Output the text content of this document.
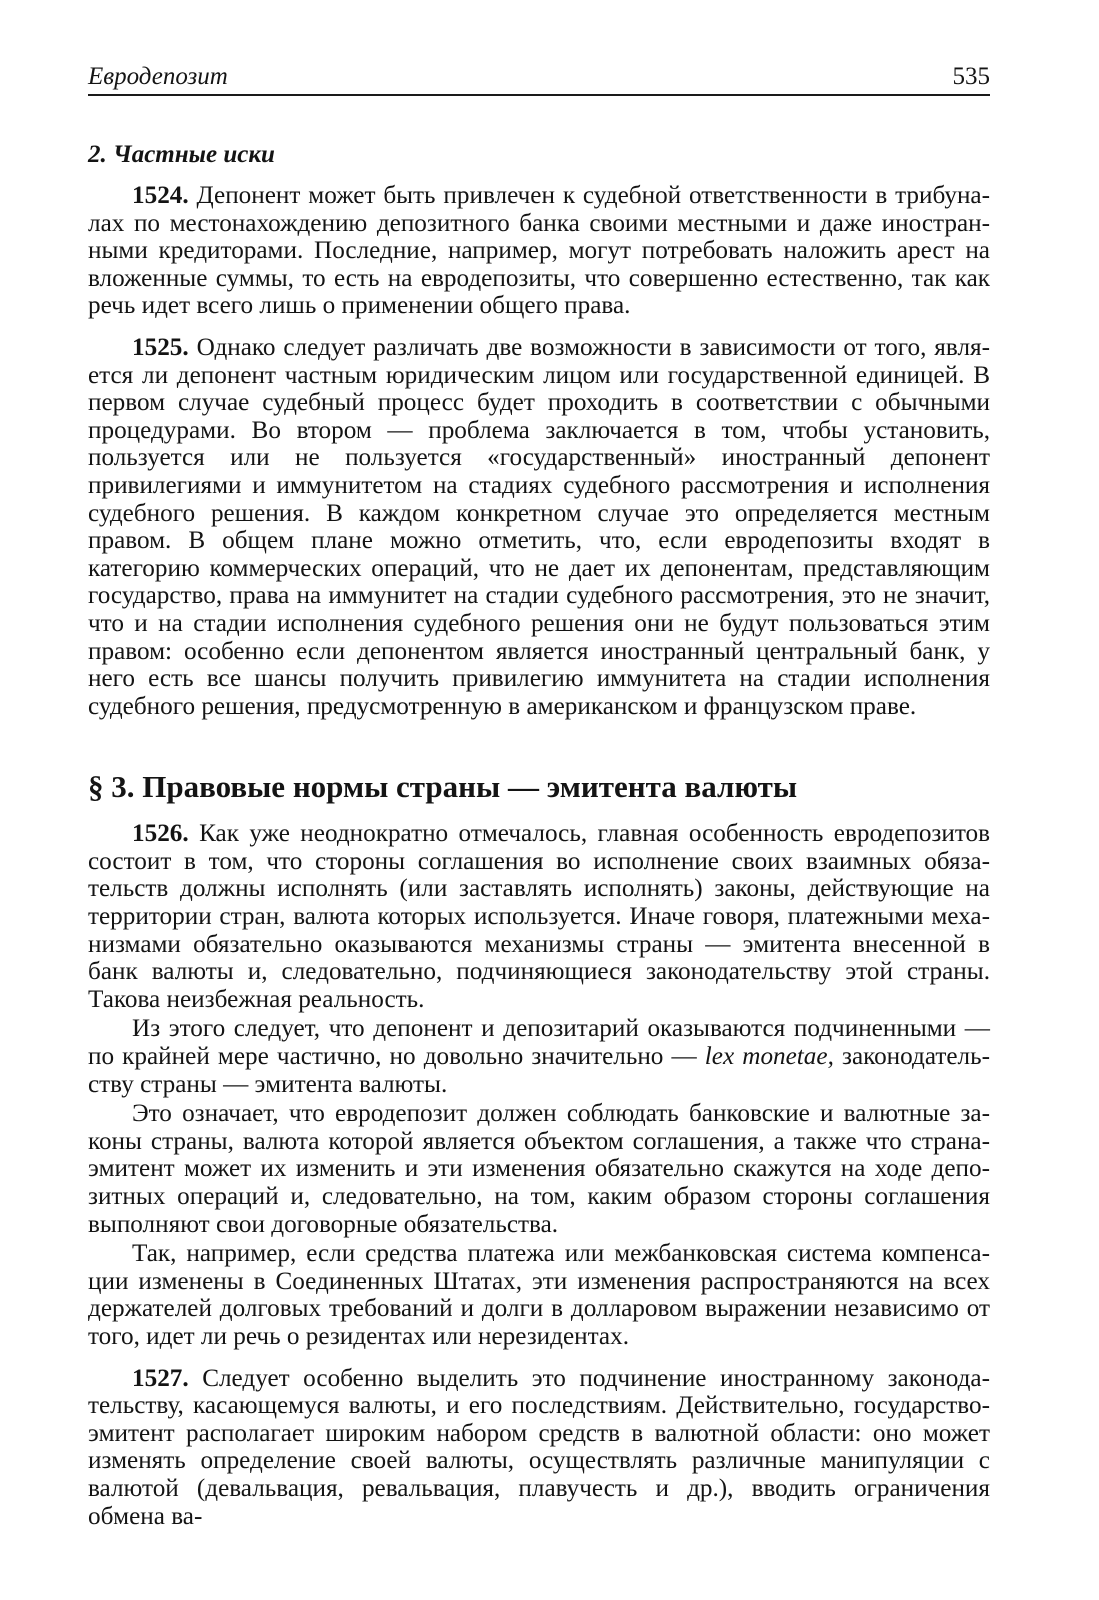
Евродепозит	535
2. Частные иски

1524. Депонент может быть привлечен к судебной ответственности в трибуналах по местонахождению депозитного банка своими местными и даже иностранными кредиторами. Последние, например, могут потребовать наложить арест на вложенные суммы, то есть на евродепозиты, что совершенно естественно, так как речь идет всего лишь о применении общего права.

1525. Однако следует различать две возможности в зависимости от того, является ли депонент частным юридическим лицом или государственной единицей. В первом случае судебный процесс будет проходить в соответствии с обычными процедурами. Во втором — проблема заключается в том, чтобы установить, пользуется или не пользуется «государственный» иностранный депонент привилегиями и иммунитетом на стадиях судебного рассмотрения и исполнения судебного решения. В каждом конкретном случае это определяется местным правом. В общем плане можно отметить, что, если евродепозиты входят в категорию коммерческих операций, что не дает их депонентам, представляющим государство, права на иммунитет на стадии судебного рассмотрения, это не значит, что и на стадии исполнения судебного решения они не будут пользоваться этим правом: особенно если депонентом является иностранный центральный банк, у него есть все шансы получить привилегию иммунитета на стадии исполнения судебного решения, предусмотренную в американском и французском праве.

§ 3. Правовые нормы страны — эмитента валюты

1526. Как уже неоднократно отмечалось, главная особенность евродепозитов состоит в том, что стороны соглашения во исполнение своих взаимных обязательств должны исполнять (или заставлять исполнять) законы, действующие на территории стран, валюта которых используется. Иначе говоря, платежными механизмами обязательно оказываются механизмы страны — эмитента внесенной в банк валюты и, следовательно, подчиняющиеся законодательству этой страны. Такова неизбежная реальность.

Из этого следует, что депонент и депозитарий оказываются подчиненными — по крайней мере частично, но довольно значительно — lex monetae, законодательству страны — эмитента валюты.

Это означает, что евродепозит должен соблюдать банковские и валютные законы страны, валюта которой является объектом соглашения, а также что страна-эмитент может их изменить и эти изменения обязательно скажутся на ходе депозитных операций и, следовательно, на том, каким образом стороны соглашения выполняют свои договорные обязательства.

Так, например, если средства платежа или межбанковская система компенсации изменены в Соединенных Штатах, эти изменения распространяются на всех держателей долговых требований и долги в долларовом выражении независимо от того, идет ли речь о резидентах или нерезидентах.

1527. Следует особенно выделить это подчинение иностранному законодательству, касающемуся валюты, и его последствиям. Действительно, государство-эмитент располагает широким набором средств в валютной области: оно может изменять определение своей валюты, осуществлять различные манипуляции с валютой (девальвация, ревальвация, плавучесть и др.), вводить ограничения обмена ва-
